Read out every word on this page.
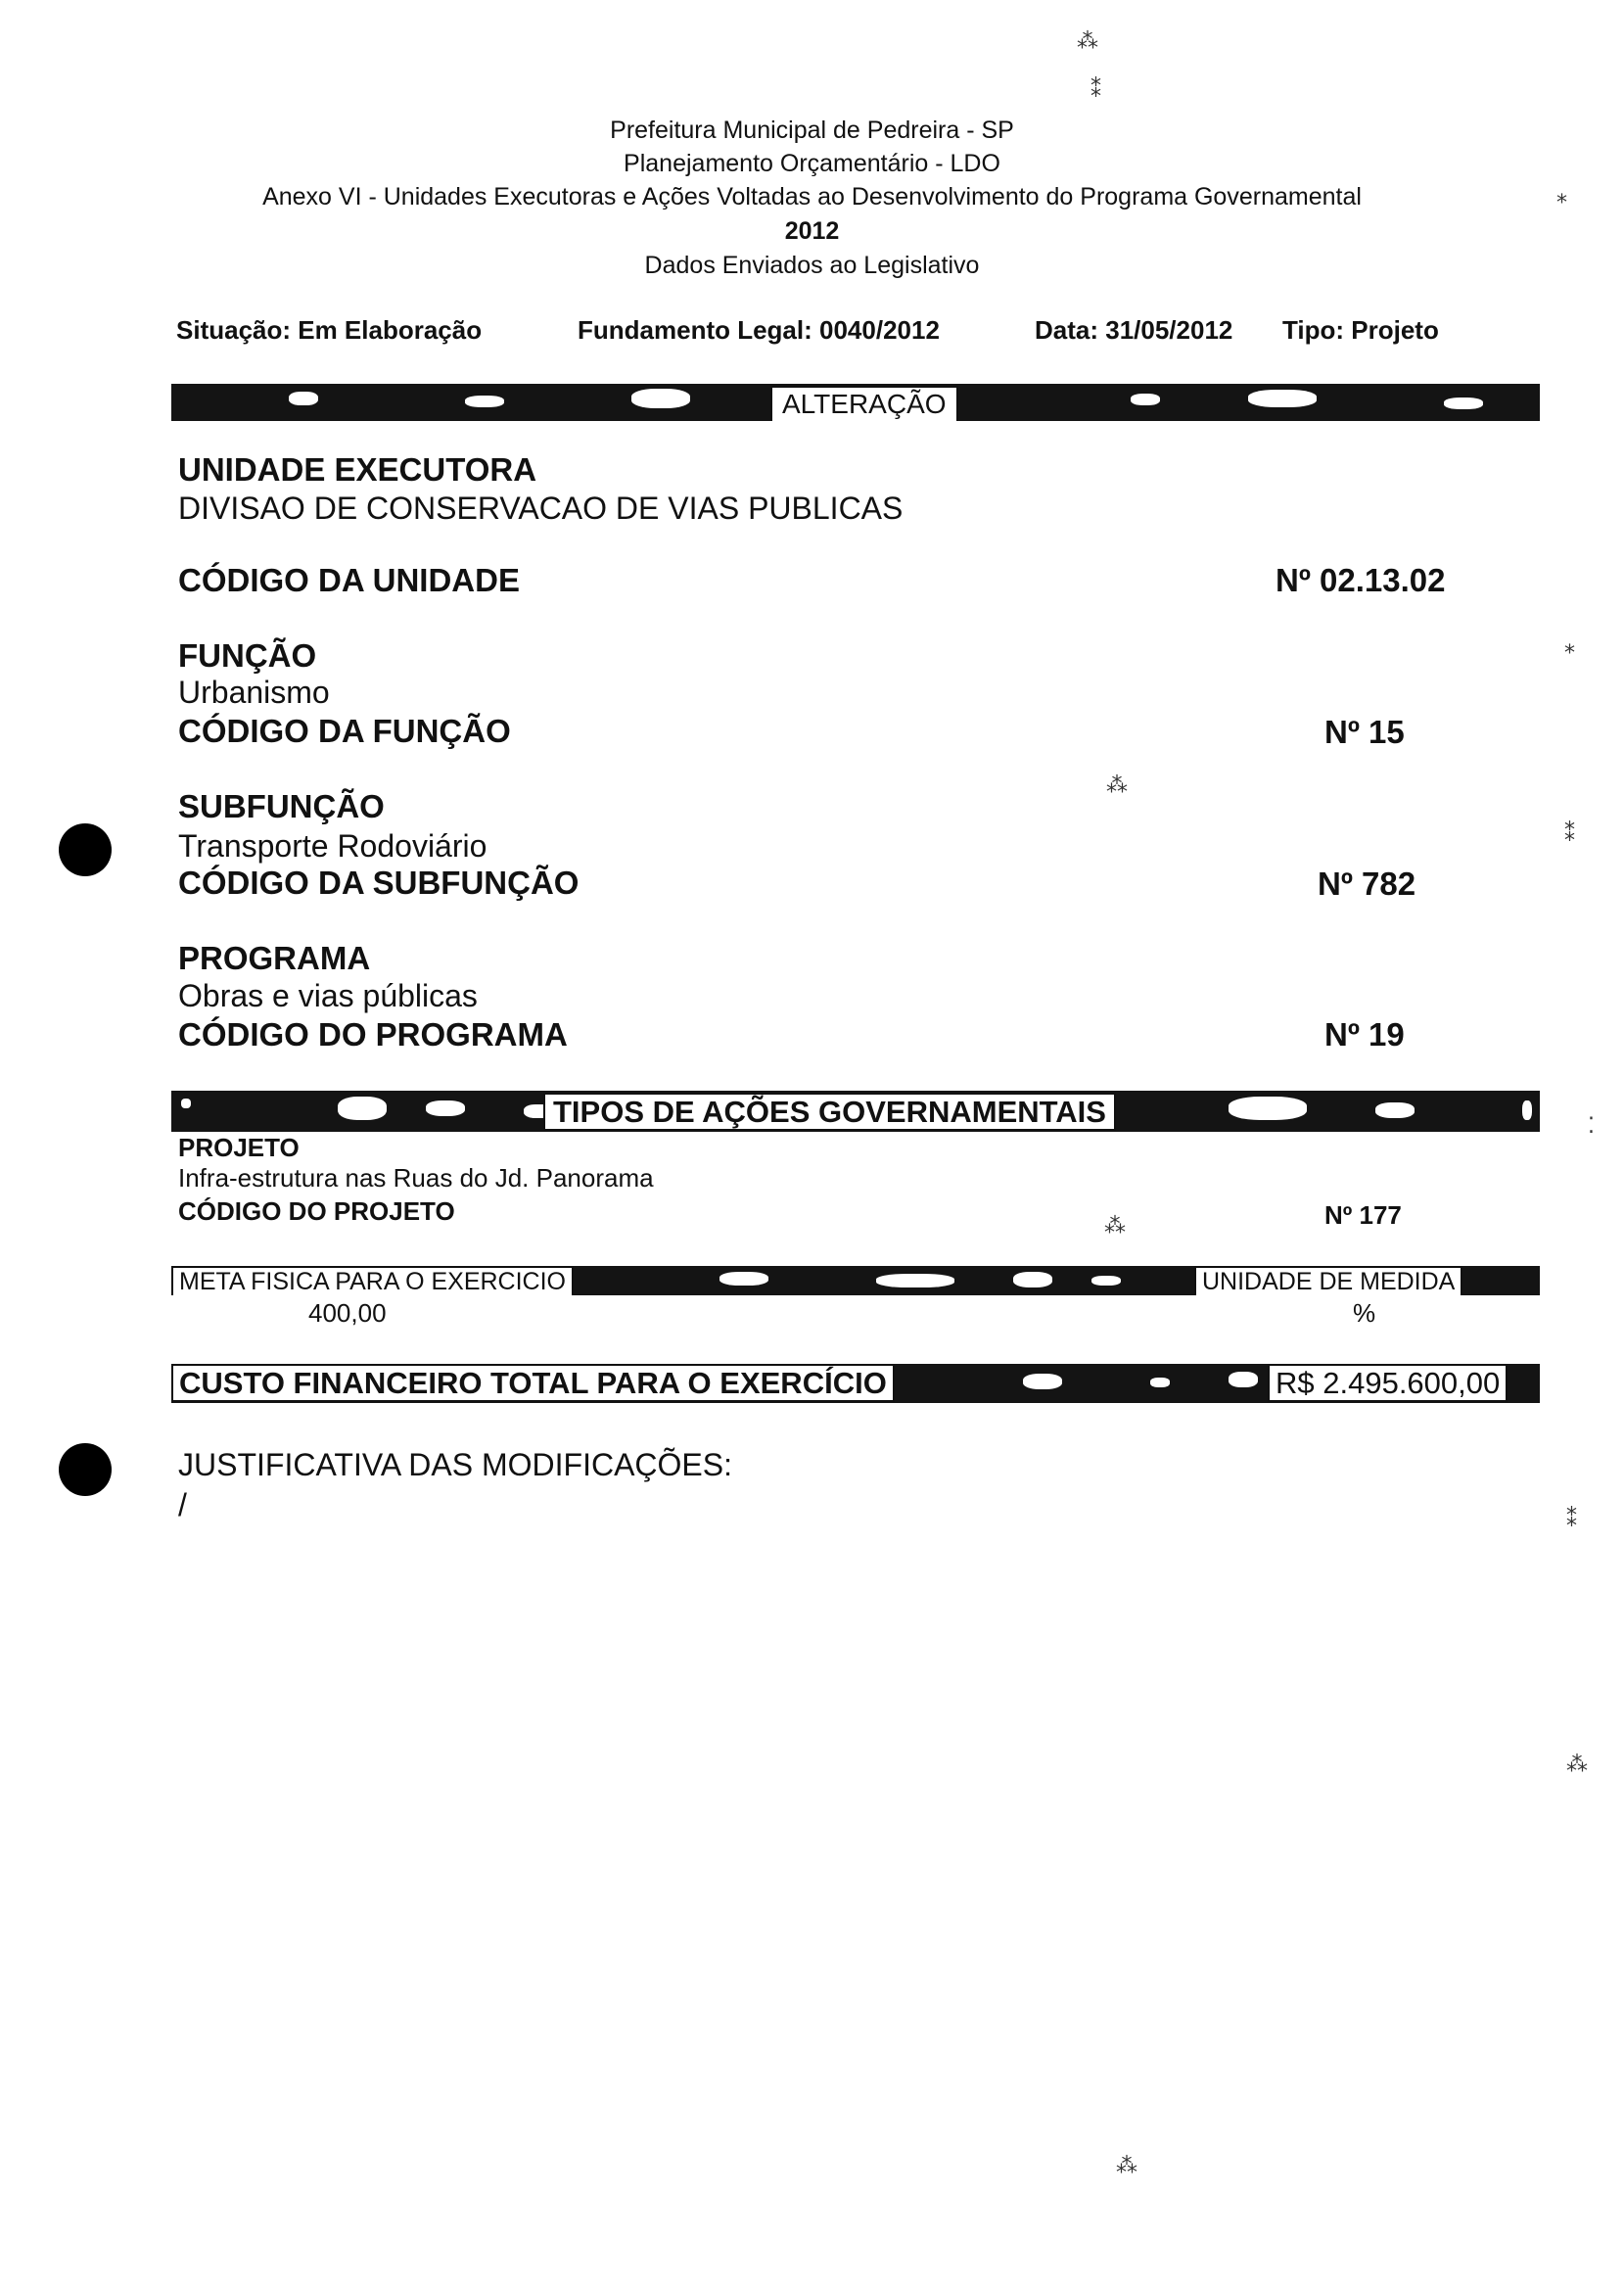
Prefeitura Municipal de Pedreira - SP
Planejamento Orçamentário - LDO
Anexo VI - Unidades Executoras e Ações Voltadas ao Desenvolvimento do Programa Governamental
2012
Dados Enviados ao Legislativo
Situação: Em Elaboração	Fundamento Legal: 0040/2012	Data: 31/05/2012 Tipo: Projeto
ALTERAÇÃO
UNIDADE EXECUTORA
DIVISAO DE CONSERVACAO DE VIAS PUBLICAS
CÓDIGO DA UNIDADE	Nº 02.13.02
FUNÇÃO
Urbanismo
CÓDIGO DA FUNÇÃO	Nº 15
SUBFUNÇÃO
Transporte Rodoviário
CÓDIGO DA SUBFUNÇÃO	Nº 782
PROGRAMA
Obras e vias públicas
CÓDIGO DO PROGRAMA	Nº 19
TIPOS DE AÇÕES GOVERNAMENTAIS
PROJETO
Infra-estrutura nas Ruas do Jd. Panorama
CÓDIGO DO PROJETO	Nº 177
META FISICA PARA O EXERCICIO	UNIDADE DE MEDIDA
400,00	%
CUSTO FINANCEIRO TOTAL PARA O EXERCÍCIO	R$ 2.495.600,00
JUSTIFICATIVA DAS MODIFICAÇÕES:
/
⁂
⁑
⁎
⁎
⁂
⁑
⁚
⁂
⁑
⁂
⁂
